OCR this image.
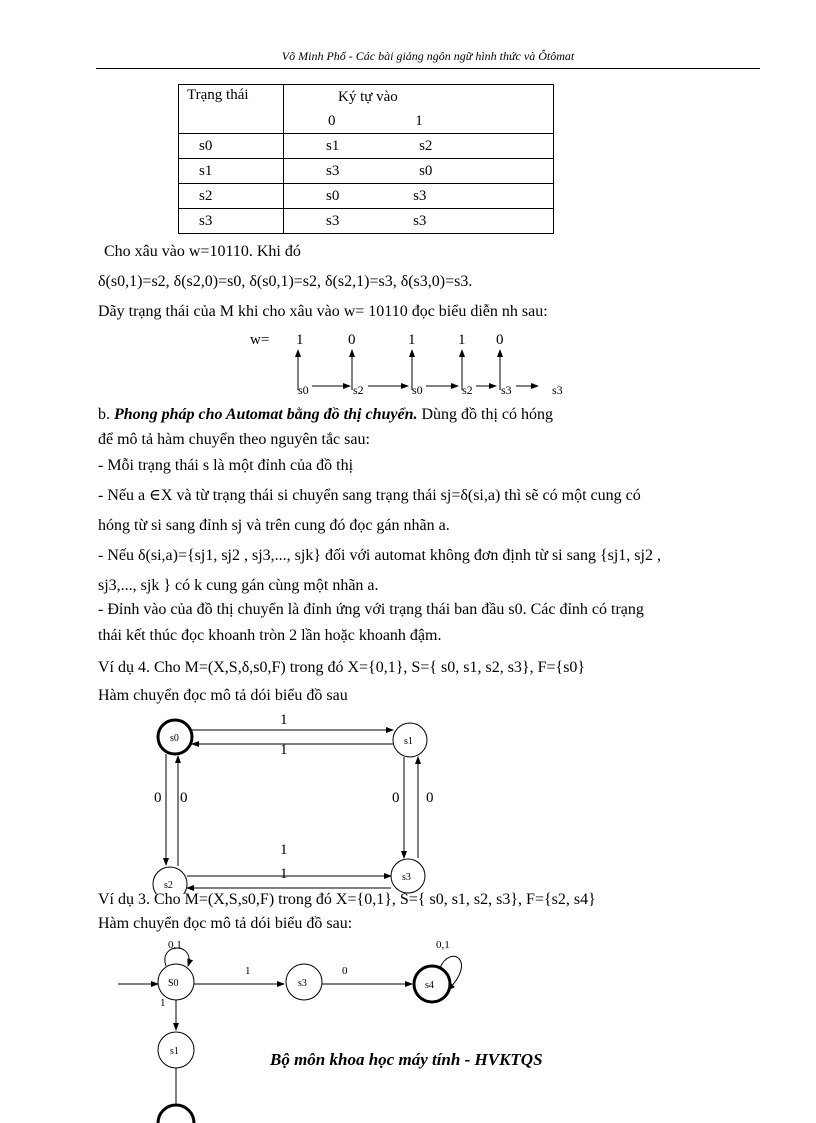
Võ Minh Phổ - Các bài giảng ngôn ngữ hình thức và Ôtômat
Trạng thái	Ký tự vào
	0 1
s0	s1 s2
s1	s3 s0
s2	s0 s3
s3	s3 s3
Cho xâu vào w=10110. Khi đó
δ(s0,1)=s2, δ(s2,0)=s0, δ(s0,1)=s2, δ(s2,1)=s3, δ(s3,0)=s3.
Dãy trạng thái của M khi cho xâu vào w= 10110 đọc biểu diễn nh sau:
w= 1	0	1	1 0
s0	s2	s0	s2 s3	s3
b. Phong pháp cho Automat bằng đồ thị chuyển. Dùng đồ thị có hóng
để mô tả hàm chuyển theo nguyên tắc sau:
- Mỗi trạng thái s là một đỉnh của đồ thị
- Nếu a ∈X và từ trạng thái si chuyển sang trạng thái sj=δ(si,a) thì sẽ có một cung có
hóng từ si sang đỉnh sj và trên cung đó đọc gán nhãn a.
- Nếu δ(si,a)={sj1, sj2 , sj3,..., sjk} đối với automat không đơn định từ si sang {sj1, sj2 ,
sj3,..., sjk } có k cung gán cùng một nhãn a.
- Đỉnh vào của đồ thị chuyển là đỉnh ứng với trạng thái ban đầu s0. Các đỉnh có trạng
thái kết thúc đọc khoanh tròn 2 lần hoặc khoanh đậm.
Ví dụ 4. Cho M=(X,S,δ,s0,F) trong đó X={0,1}, S={ s0, s1, s2, s3}, F={s0}
Hàm chuyển đọc mô tả dói biểu đồ sau
s0	s1
s2
s3
1
1
0 0	0 0
1
1
Ví dụ 3. Cho M=(X,S,s0,F) trong đó X={0,1}, S={ s0, s1, s2, s3}, F={s2, s4}
Hàm chuyển đọc mô tả dói biểu đồ sau:
S0	s3	s4
s1
0,1
1	0
0,1
1
Bộ môn khoa học máy tính - HVKTQS
